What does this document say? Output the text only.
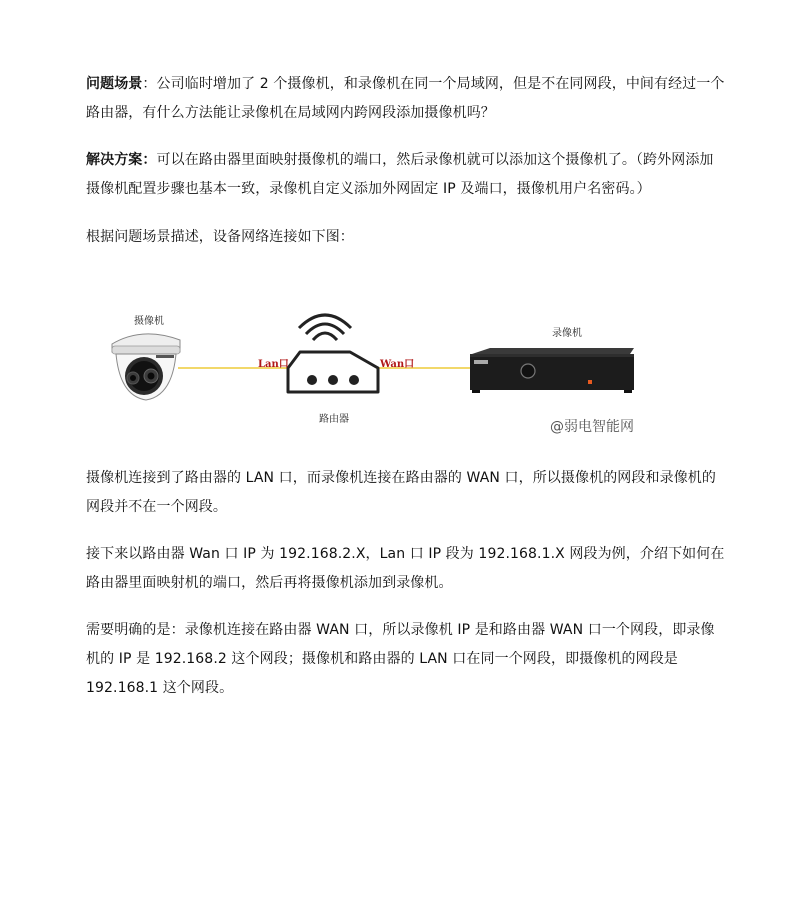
问题场景：公司临时增加了 2 个摄像机，和录像机在同一个局域网，但是不在同网段，中间有经过一个路由器，有什么方法能让录像机在局域网内跨网段添加摄像机吗？

解决方案：可以在路由器里面映射摄像机的端口，然后录像机就可以添加这个摄像机了。（跨外网添加摄像机配置步骤也基本一致，录像机自定义添加外网固定 IP 及端口，摄像机用户名密码。）

根据问题场景描述，设备网络连接如下图：

摄像机
路由器
录像机
Lan口	Wan口
@弱电智能网

摄像机连接到了路由器的 LAN 口，而录像机连接在路由器的 WAN 口，所以摄像机的网段和录像机的网段并不在一个网段。

接下来以路由器 Wan 口 IP 为 192.168.2.X，Lan 口 IP 段为 192.168.1.X 网段为例，介绍下如何在路由器里面映射机的端口，然后再将摄像机添加到录像机。

需要明确的是：录像机连接在路由器 WAN 口，所以录像机 IP 是和路由器 WAN 口一个网段，即录像机的 IP 是 192.168.2 这个网段；摄像机和路由器的 LAN 口在同一个网段，即摄像机的网段是 192.168.1 这个网段。
